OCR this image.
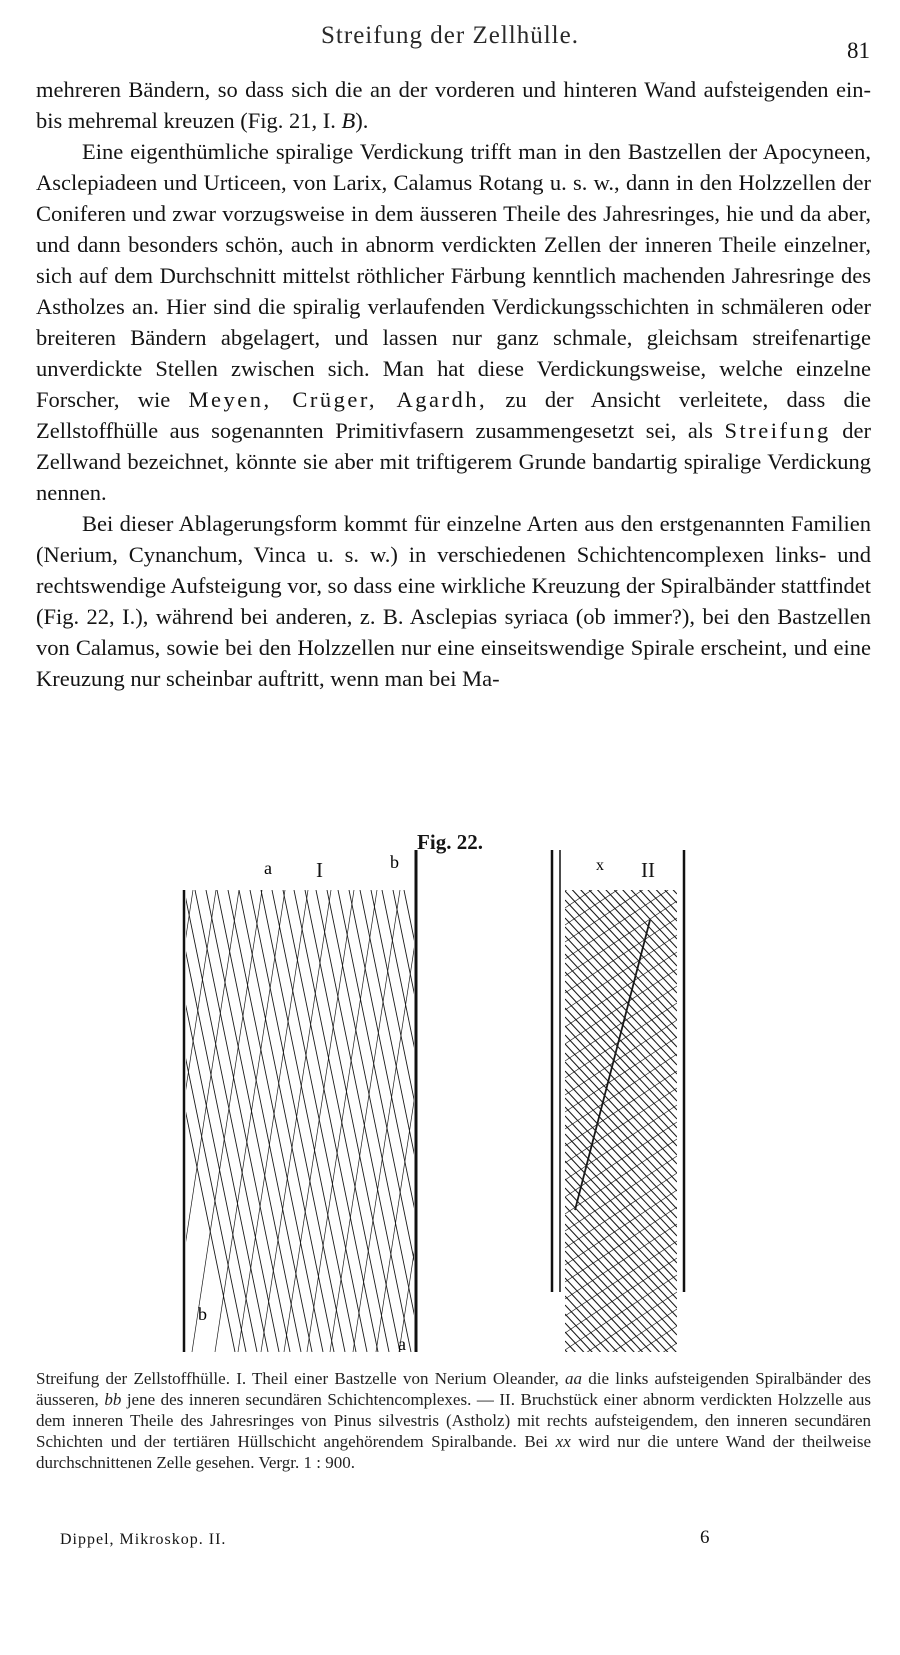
Streifung der Zellhülle.
81

mehreren Bändern, so dass sich die an der vorderen und hinteren Wand aufsteigenden ein- bis mehremal kreuzen (Fig. 21, I. B).

Eine eigenthümliche spiralige Verdickung trifft man in den Bastzellen der Apocyneen, Asclepiadeen und Urticeen, von Larix, Calamus Rotang u. s. w., dann in den Holzzellen der Coniferen und zwar vorzugsweise in dem äusseren Theile des Jahresringes, hie und da aber, und dann besonders schön, auch in abnorm verdickten Zellen der inneren Theile einzelner, sich auf dem Durchschnitt mittelst röthlicher Färbung kenntlich machenden Jahresringe des Astholzes an. Hier sind die spiralig verlaufenden Verdickungsschichten in schmäleren oder breiteren Bändern abgelagert, und lassen nur ganz schmale, gleichsam streifenartige unverdickte Stellen zwischen sich. Man hat diese Verdickungsweise, welche einzelne Forscher, wie Meyen, Crüger, Agardh, zu der Ansicht verleitete, dass die Zellstoffhülle aus sogenannten Primitivfasern zusammengesetzt sei, als Streifung der Zellwand bezeichnet, könnte sie aber mit triftigerem Grunde bandartig spiralige Verdickung nennen.

Bei dieser Ablagerungsform kommt für einzelne Arten aus den erstgenannten Familien (Nerium, Cynanchum, Vinca u. s. w.) in verschiedenen Schichtencomplexen links- und rechtswendige Aufsteigung vor, so dass eine wirkliche Kreuzung der Spiralbänder stattfindet (Fig. 22, I.), während bei anderen, z. B. Asclepias syriaca (ob immer?), bei den Bastzellen von Calamus, sowie bei den Holzzellen nur eine einseitswendige Spirale erscheint, und eine Kreuzung nur scheinbar auftritt, wenn man bei Ma-

Fig. 22.
I	II
a	b
b
a
x

Streifung der Zellstoffhülle. I. Theil einer Bastzelle von Nerium Oleander, aa die links aufsteigenden Spiralbänder des äusseren, bb jene des inneren secundären Schichtencomplexes. — II. Bruchstück einer abnorm verdickten Holzzelle aus dem inneren Theile des Jahresringes von Pinus silvestris (Astholz) mit rechts aufsteigendem, den inneren secundären Schichten und der tertiären Hüllschicht angehörendem Spiralbande. Bei xx wird nur die untere Wand der theilweise durchschnittenen Zelle gesehen. Vergr. 1 : 900.

Dippel, Mikroskop. II.	6
